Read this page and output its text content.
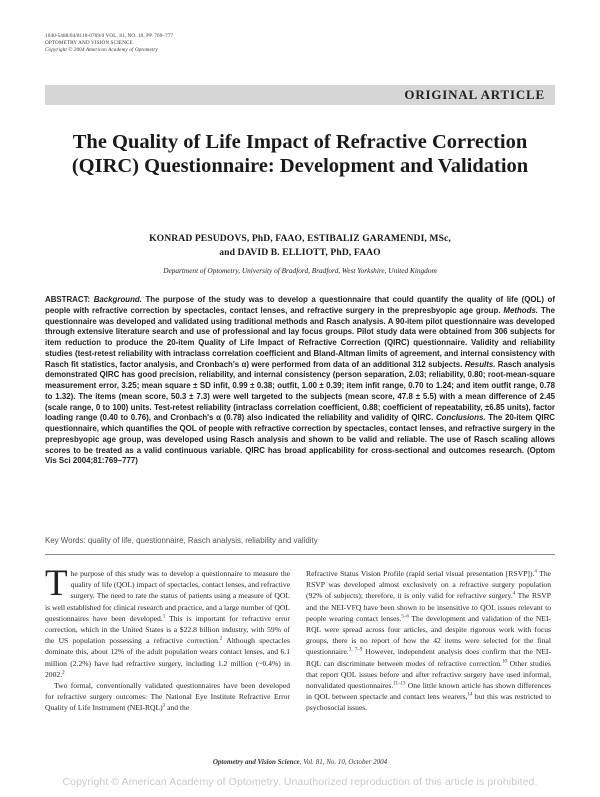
1040-5488/04/8110-0769/0 VOL. 81, NO. 10, PP. 769–777
OPTOMETRY AND VISION SCIENCE
Copyright © 2004 American Academy of Optometry
ORIGINAL ARTICLE
The Quality of Life Impact of Refractive Correction (QIRC) Questionnaire: Development and Validation
KONRAD PESUDOVS, PhD, FAAO, ESTIBALIZ GARAMENDI, MSc,
and DAVID B. ELLIOTT, PhD, FAAO
Department of Optometry, University of Bradford, Bradford, West Yorkshire, United Kingdom
ABSTRACT: Background. The purpose of the study was to develop a questionnaire that could quantify the quality of life (QOL) of people with refractive correction by spectacles, contact lenses, and refractive surgery in the prepresbyopic age group. Methods. The questionnaire was developed and validated using traditional methods and Rasch analysis. A 90-item pilot questionnaire was developed through extensive literature search and use of professional and lay focus groups. Pilot study data were obtained from 306 subjects for item reduction to produce the 20-item Quality of Life Impact of Refractive Correction (QIRC) questionnaire. Validity and reliability studies (test-retest reliability with intraclass correlation coefficient and Bland-Altman limits of agreement, and internal consistency with Rasch fit statistics, factor analysis, and Cronbach's α) were performed from data of an additional 312 subjects. Results. Rasch analysis demonstrated QIRC has good precision, reliability, and internal consistency (person separation, 2.03; reliability, 0.80; root-mean-square measurement error, 3.25; mean square ± SD infit, 0.99 ± 0.38; outfit, 1.00 ± 0.39; item infit range, 0.70 to 1.24; and item outfit range, 0.78 to 1.32). The items (mean score, 50.3 ± 7.3) were well targeted to the subjects (mean score, 47.8 ± 5.5) with a mean difference of 2.45 (scale range, 0 to 100) units. Test-retest reliability (intraclass correlation coefficient, 0.88; coefficient of repeatability, ±6.85 units), factor loading range (0.40 to 0.76), and Cronbach's α (0.78) also indicated the reliability and validity of QIRC. Conclusions. The 20-item QIRC questionnaire, which quantifies the QOL of people with refractive correction by spectacles, contact lenses, and refractive surgery in the prepresbyopic age group, was developed using Rasch analysis and shown to be valid and reliable. The use of Rasch scaling allows scores to be treated as a valid continuous variable. QIRC has broad applicability for cross-sectional and outcomes research. (Optom Vis Sci 2004;81:769–777)
Key Words: quality of life, questionnaire, Rasch analysis, reliability and validity

The purpose of this study was to develop a questionnaire to measure the quality of life (QOL) impact of spectacles, contact lenses, and refractive surgery. The need to rate the status of patients using a measure of QOL is well established for clinical research and practice, and a large number of QOL questionnaires have been developed.$^1$ This is important for refractive error correction, which in the United States is a $22.8 billion industry, with 59% of the US population possessing a refractive correction.$^2$ Although spectacles dominate this, about 12% of the adult population wears contact lenses, and 6.1 million (2.2%) have had refractive surgery, including 1.2 million (~0.4%) in 2002.$^2$

Two formal, conventionally validated questionnaires have been developed for refractive surgery outcomes: The National Eye Institute Refractive Error Quality of Life Instrument $(NEI-RQL)^3$ and the

Refractive Status Vision Profile (rapid serial visual presentation [RSVP]).$^4$ The RSVP was developed almost exclusively on a refractive surgery population (92% of subjects); therefore, it is only valid for refractive surgery.$^4$ The RSVP and the NEI-VFQ have been shown to be insensitive to QOL issues relevant to people wearing contact lenses.$^{5-6}$ The development and validation of the NEI-RQL were spread across four articles, and despite rigorous work with focus groups, there is no report of how the 42 items were selected for the final questionnaire.$^{3, 7-9}$ However, independent analysis does confirm that the NEI-RQL can discriminate between modes of refractive correction.$^{10}$ Other studies that report QOL issues before and after refractive surgery have used informal, nonvalidated questionnaires.$^{11-13}$ One little known article has shown differences in QOL between spectacle and contact lens wearers,$^{14}$ but this was restricted to psychosocial issues.

Optometry and Vision Science, Vol. 81, No. 10, October 2004
Copyright © American Academy of Optometry. Unauthorized reproduction of this article is prohibited.
